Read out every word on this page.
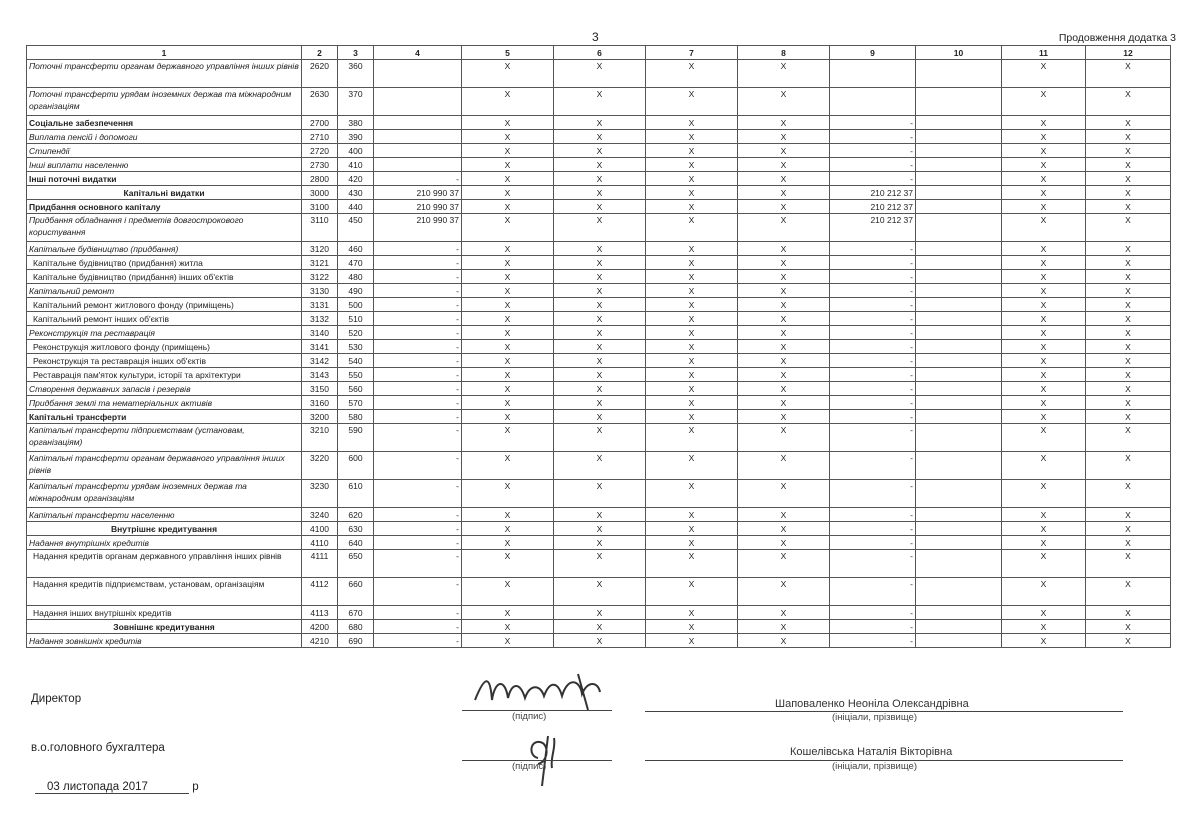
3	Продовження додатка 3
1	2	3	4	5	6	7	8	9	10	11	12
Поточні трансферти органам державного управління інших рівнів	2620	360		X	X	X	X			X	X
Поточні трансферти урядам іноземних держав та міжнародним організаціям	2630	370		X	X	X	X			X	X
Соціальне забезпечення	2700	380		X	X	X	X	-		X	X
Виплата пенсій і допомоги	2710	390		X	X	X	X	-		X	X
Стипендії	2720	400		X	X	X	X	-		X	X
Інші виплати населенню	2730	410		X	X	X	X	-		X	X
Інші поточні видатки	2800	420	-	X	X	X	X	-		X	X
Капітальні видатки	3000	430	210 990 37	X	X	X	X	210 212 37		X	X
Придбання основного капіталу	3100	440	210 990 37	X	X	X	X	210 212 37		X	X
Придбання обладнання і предметів довгострокового користування	3110	450	210 990 37	X	X	X	X	210 212 37		X	X
Капітальне будівництво (придбання)	3120	460	-	X	X	X	X	-		X	X
Капітальне будівництво (придбання) житла	3121	470	-	X	X	X	X	-		X	X
Капітальне будівництво (придбання) інших об'єктів	3122	480	-	X	X	X	X	-		X	X
Капітальний ремонт	3130	490	-	X	X	X	X	-		X	X
Капітальний ремонт житлового фонду (приміщень)	3131	500	-	X	X	X	X	-		X	X
Капітальний ремонт інших об'єктів	3132	510	-	X	X	X	X	-		X	X
Реконструкція та реставрація	3140	520	-	X	X	X	X	-		X	X
Реконструкція житлового фонду (приміщень)	3141	530	-	X	X	X	X	-		X	X
Реконструкція та реставрація інших об'єктів	3142	540	-	X	X	X	X	-		X	X
Реставрація пам'яток культури, історії та архітектури	3143	550	-	X	X	X	X	-		X	X
Створення державних запасів і резервів	3150	560	-	X	X	X	X	-		X	X
Придбання землі та нематеріальних активів	3160	570	-	X	X	X	X	-		X	X
Капітальні трансферти	3200	580	-	X	X	X	X	-		X	X
Капітальні трансферти підприємствам (установам, організаціям)	3210	590	-	X	X	X	X	-		X	X
Капітальні трансферти органам державного управління інших рівнів	3220	600	-	X	X	X	X	-		X	X
Капітальні трансферти урядам іноземних держав та міжнародним організаціям	3230	610	-	X	X	X	X	-		X	X
Капітальні трансферти населенню	3240	620	-	X	X	X	X	-		X	X
Внутрішнє кредитування	4100	630	-	X	X	X	X	-		X	X
Надання внутрішніх кредитів	4110	640	-	X	X	X	X	-		X	X
Надання кредитів органам державного управління інших рівнів	4111	650	-	X	X	X	X	-		X	X
Надання кредитів підприємствам, установам, організаціям	4112	660	-	X	X	X	X	-		X	X
Надання інших внутрішніх кредитів	4113	670	-	X	X	X	X	-		X	X
Зовнішнє кредитування	4200	680	-	X	X	X	X	-		X	X
Надання зовнішніх кредитів	4210	690	-	X	X	X	X	-		X	X
Директор
(підпис)
Шаповаленко Неоніла Олександрівна
(ініціали, прізвище)
в.о.головного бухгалтера
(підпис)
Кошелівська Наталія Вікторівна
(ініціали, прізвище)
03 листопада 2017	р
